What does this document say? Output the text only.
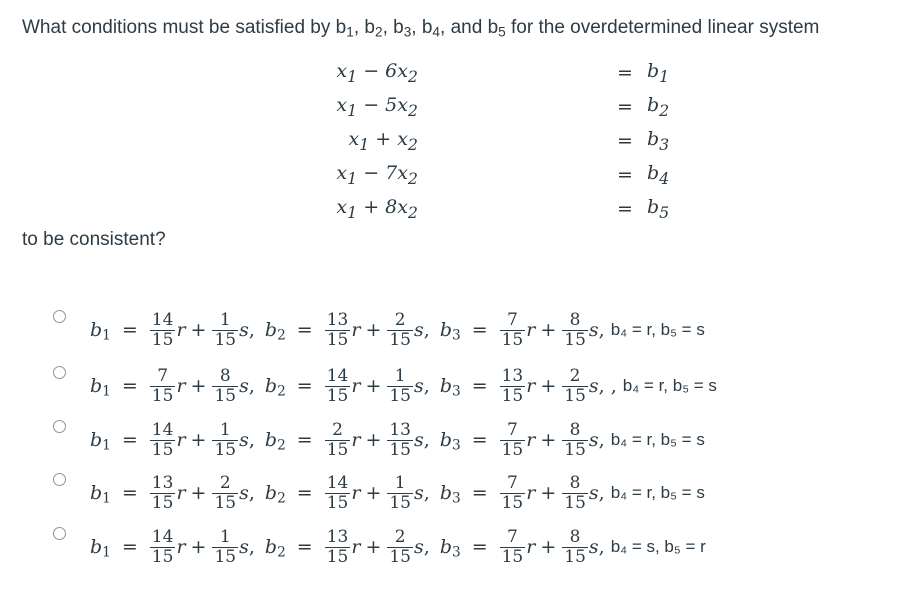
What conditions must be satisfied by $b_1$, $b_2$, $b_3$, $b_4$, and $b_5$ for the overdetermined linear system
$x_1 - 6x_2$	= $b_1$
$x_1 - 5x_2$	= $b_2$
$x_1 + x_2$	= $b_3$
$x_1 - 7x_2$	= $b_4$
$x_1 + 8x_2$	= $b_5$
to be consistent?
$b_1 = \frac{14}{15}$ $r + \frac{1}{15}$ s , $b_2 = \frac{13}{15}$ $r + \frac{2}{15}$ s , $b_3 = \frac{7}{15}$ $r + \frac{8}{15}$ s , b₄ = r, b₅ = s
$b_1 = \frac{7}{15}$ $r + \frac{8}{15}$ s , $b_2 = \frac{14}{15}$ $r + \frac{1}{15}$ s , $b_3 = \frac{13}{15}$ $r + \frac{2}{15}$ s , , b₄ = r, b₅ = s
$b_1 = \frac{14}{15}$ $r + \frac{1}{15}$ s , $b_2 = \frac{2}{15}$ $r + \frac{13}{15}$ s , $b_3 = \frac{7}{15}$ $r + \frac{8}{15}$ s , b₄ = r, b₅ = s
$b_1 = \frac{13}{15}$ $r + \frac{2}{15}$ s , $b_2 = \frac{14}{15}$ $r + \frac{1}{15}$ s , $b_3 = \frac{7}{15}$ $r + \frac{8}{15}$ s , b₄ = r, b₅ = s
$b_1 = \frac{14}{15}$ $r + \frac{1}{15}$ s , $b_2 = \frac{13}{15}$ $r + \frac{2}{15}$ s , $b_3 = \frac{7}{15}$ $r + \frac{8}{15}$ s , b₄ = s, b₅ = r
